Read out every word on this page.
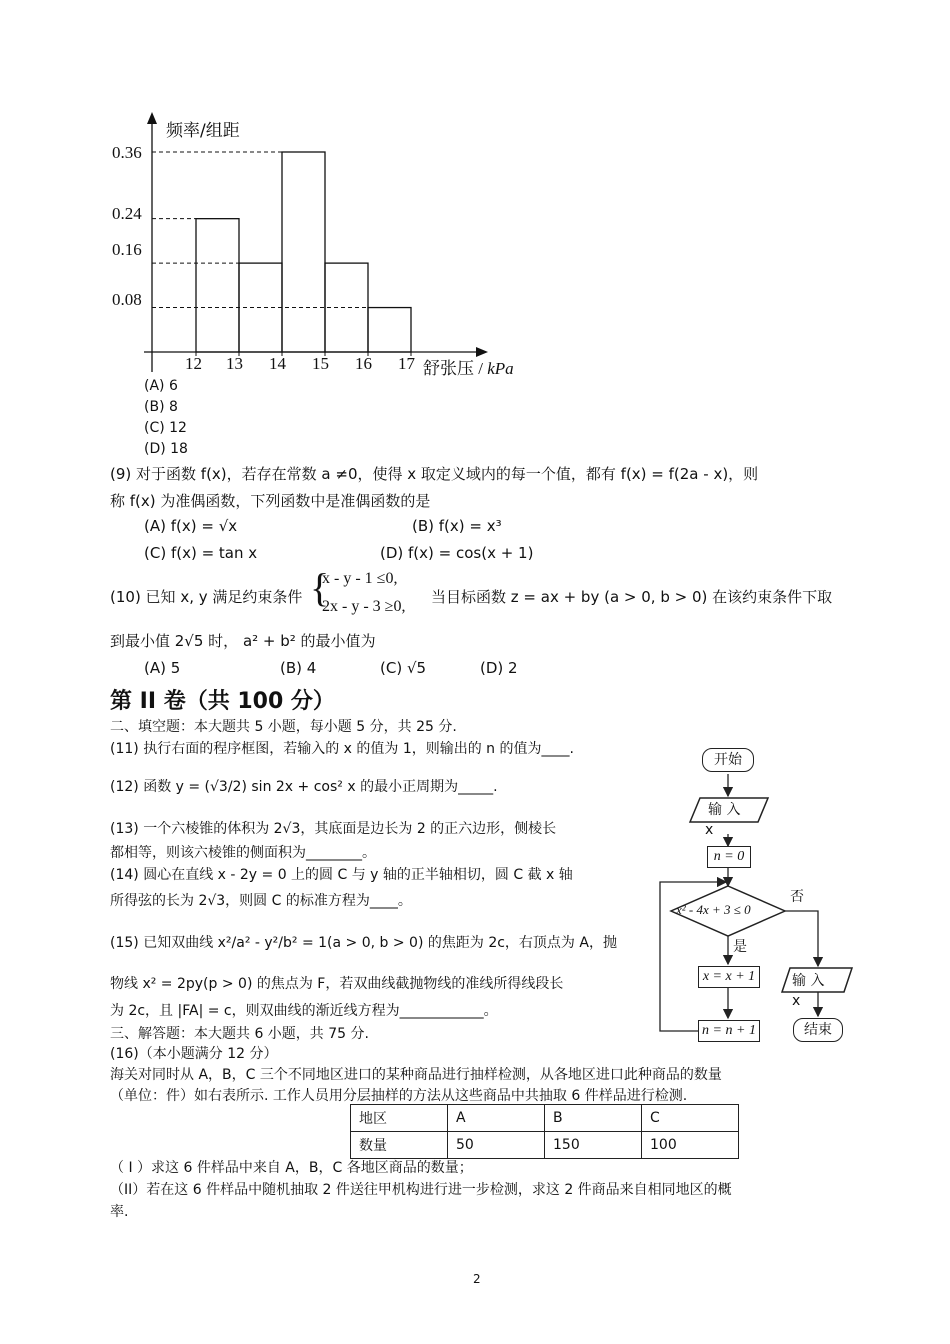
频率/组距
0.36
0.24
0.16
0.08
12 13 14 15 16 17 舒张压 / kPa
(A) 6
(B) 8
(C) 12
(D) 18
(9) 对于函数 f(x)，若存在常数 a ≠0，使得 x 取定义域内的每一个值，都有 f(x) = f(2a - x)，则
称 f(x) 为准偶函数，下列函数中是准偶函数的是
(A) f(x) = √x	(B) f(x) = x³
(C) f(x) = tan x	(D) f(x) = cos(x + 1)
(10) 已知 x, y 满足约束条件 {
x - y - 1 ≤0,
2x - y - 3 ≥0,
当目标函数 z = ax + by (a > 0, b > 0) 在该约束条件下取
到最小值 2√5 时， a² + b² 的最小值为
(A) 5	(B) 4	(C) √5	(D) 2
第 II 卷（共 100 分）
二、填空题：本大题共 5 小题，每小题 5 分，共 25 分.
(11) 执行右面的程序框图，若输入的 x 的值为 1，则输出的 n 的值为____.
(12) 函数 y = (√3/2) sin 2x + cos² x 的最小正周期为_____.
(13) 一个六棱锥的体积为 2√3，其底面是边长为 2 的正六边形，侧棱长
都相等，则该六棱锥的侧面积为________。
(14) 圆心在直线 x - 2y = 0 上的圆 C 与 y 轴的正半轴相切，圆 C 截 x 轴
所得弦的长为 2√3，则圆 C 的标准方程为____。
(15) 已知双曲线 x²/a² - y²/b² = 1(a > 0, b > 0) 的焦距为 2c，右顶点为 A，抛
物线 x² = 2py(p > 0) 的焦点为 F，若双曲线截抛物线的准线所得线段长
为 2c，且 |FA| = c，则双曲线的渐近线方程为____________。
三、解答题：本大题共 6 小题，共 75 分.
(16)（本小题满分 12 分）
海关对同时从 A，B，C 三个不同地区进口的某种商品进行抽样检测，从各地区进口此种商品的数量
（单位：件）如右表所示. 工作人员用分层抽样的方法从这些商品中共抽取 6 件样品进行检测.
地区	A	B	C
数量	50	150	100
（ I ）求这 6 件样品中来自 A，B，C 各地区商品的数量；
（II）若在这 6 件样品中随机抽取 2 件送往甲机构进行进一步检测，求这 2 件商品来自相同地区的概
率.
开始
输 入
x
n = 0
x² - 4x + 3 ≤ 0
否
是
x = x + 1
n = n + 1
输 入
x
结束
2
